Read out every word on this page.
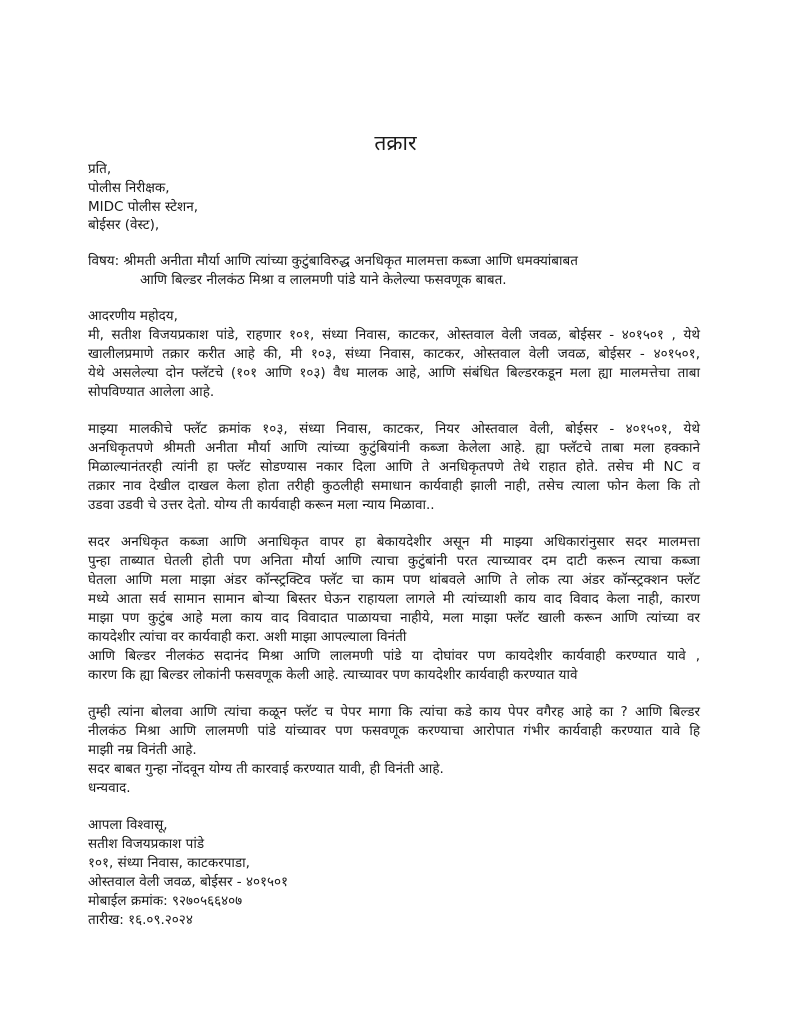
तक्रार
प्रति,
पोलीस निरीक्षक,
MIDC पोलीस स्टेशन,
बोईसर (वेस्ट),
विषय: श्रीमती अनीता मौर्या आणि त्यांच्या कुटुंबाविरुद्ध अनधिकृत मालमत्ता कब्जा आणि धमक्यांबाबत
आणि बिल्डर नीलकंठ मिश्रा व लालमणी पांडे याने केलेल्या फसवणूक बाबत.
आदरणीय महोदय,
मी, सतीश विजयप्रकाश पांडे, राहणार १०१, संध्या निवास, काटकर, ओस्तवाल वेली जवळ, बोईसर - ४०१५०१ , येथे
खालीलप्रमाणे तक्रार करीत आहे की, मी १०३, संध्या निवास, काटकर, ओस्तवाल वेली जवळ, बोईसर - ४०१५०१,
येथे असलेल्या दोन फ्लॅटचे (१०१ आणि १०३) वैध मालक आहे, आणि संबंधित बिल्डरकडून मला ह्या मालमत्तेचा ताबा
सोपविण्यात आलेला आहे.
माझ्या मालकीचे फ्लॅट क्रमांक १०३, संध्या निवास, काटकर, नियर ओस्तवाल वेली, बोईसर - ४०१५०१, येथे
अनधिकृतपणे श्रीमती अनीता मौर्या आणि त्यांच्या कुटुंबियांनी कब्जा केलेला आहे. ह्या फ्लॅटचे ताबा मला हक्काने
मिळाल्यानंतरही त्यांनी हा फ्लॅट सोडण्यास नकार दिला आणि ते अनधिकृतपणे तेथे राहात होते. तसेच मी NC व
तक्रार नाव देखील दाखल केला होता तरीही कुठलीही समाधान कार्यवाही झाली नाही, तसेच त्याला फोन केला कि तो
उडवा उडवी चे उत्तर देतो. योग्य ती कार्यवाही करून मला न्याय मिळावा..
सदर अनधिकृत कब्जा आणि अनाधिकृत वापर हा बेकायदेशीर असून मी माझ्या अधिकारांनुसार सदर मालमत्ता
पुन्हा ताब्यात घेतली होती पण अनिता मौर्या आणि त्याचा कुटुंबांनी परत त्याच्यावर दम दाटी करून त्याचा कब्जा
घेतला आणि मला माझा अंडर कॉन्स्ट्रक्टिव फ्लॅट चा काम पण थांबवले आणि ते लोक त्या अंडर कॉन्स्ट्रक्शन फ्लॅट
मध्ये आता सर्व सामान सामान बोऱ्या बिस्तर घेऊन राहायला लागले मी त्यांच्याशी काय वाद विवाद केला नाही, कारण
माझा पण कुटुंब आहे मला काय वाद विवादात पाळायचा नाहीये, मला माझा फ्लॅट खाली करून आणि त्यांच्या वर
कायदेशीर त्यांचा वर कार्यवाही करा. अशी माझा आपल्याला विनंती
आणि बिल्डर नीलकंठ सदानंद मिश्रा आणि लालमणी पांडे या दोघांवर पण कायदेशीर कार्यवाही करण्यात यावे ,
कारण कि ह्या बिल्डर लोकांनी फसवणूक केली आहे. त्याच्यावर पण कायदेशीर कार्यवाही करण्यात यावे
तुम्ही त्यांना बोलवा आणि त्यांचा कळून फ्लॅट च पेपर मागा कि त्यांचा कडे काय पेपर वगैरह आहे का ? आणि बिल्डर
नीलकंठ मिश्रा आणि लालमणी पांडे यांच्यावर पण फसवणूक करण्याचा आरोपात गंभीर कार्यवाही करण्यात यावे हि
माझी नम्र विनंती आहे.
सदर बाबत गुन्हा नोंदवून योग्य ती कारवाई करण्यात यावी, ही विनंती आहे.
धन्यवाद.
आपला विश्वासू,
सतीश विजयप्रकाश पांडे
१०१, संध्या निवास, काटकरपाडा,
ओस्तवाल वेली जवळ, बोईसर - ४०१५०१
मोबाईल क्रमांक: ९२७०५६६४०७
तारीख: १६.०९.२०२४
